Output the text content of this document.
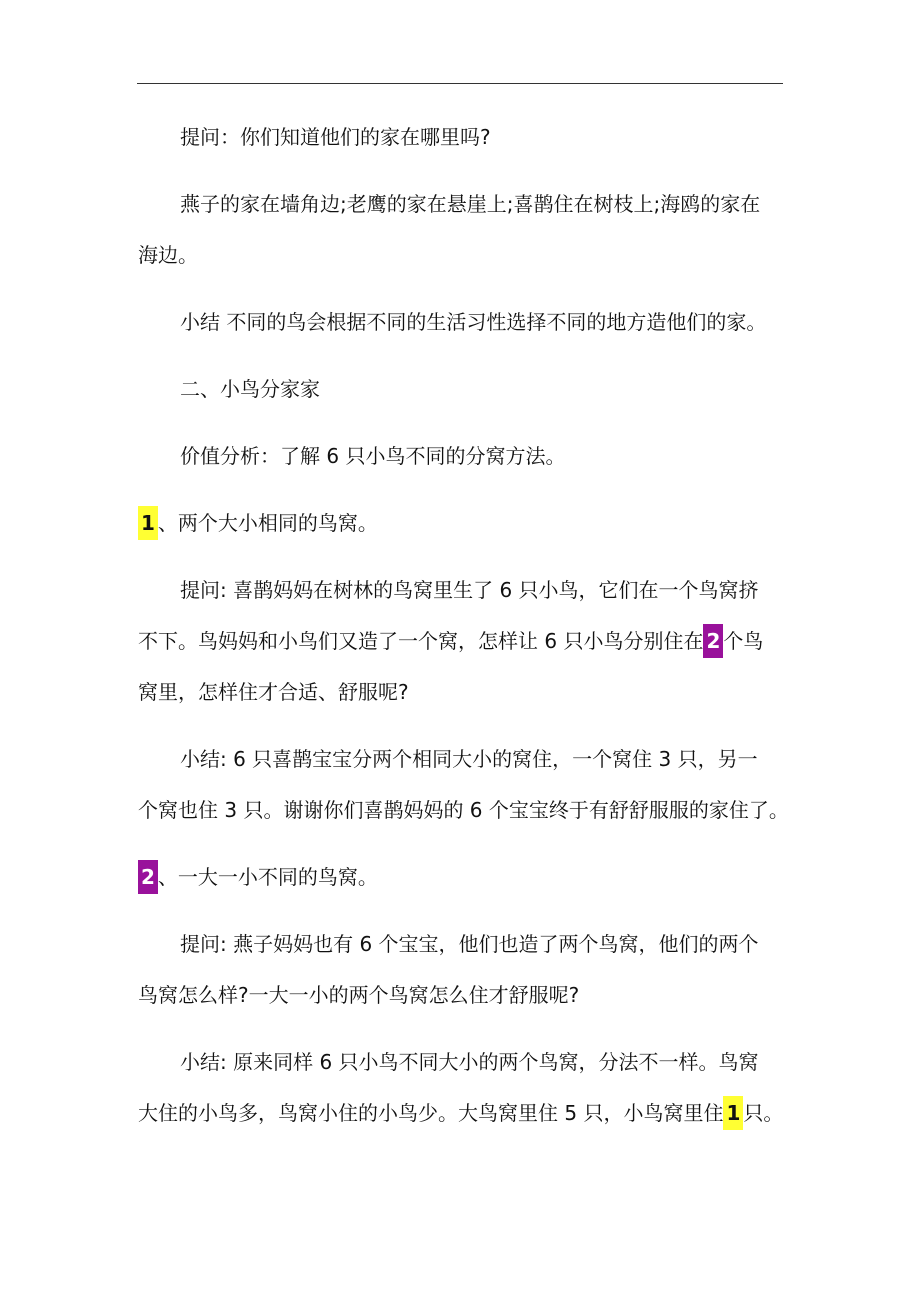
提问：你们知道他们的家在哪里吗?

燕子的家在墙角边;老鹰的家在悬崖上;喜鹊住在树枝上;海鸥的家在

海边。

小结 不同的鸟会根据不同的生活习性选择不同的地方造他们的家。

二、小鸟分家家

价值分析：了解 6 只小鸟不同的分窝方法。

1 、两个大小相同的鸟窝。

提问: 喜鹊妈妈在树林的鸟窝里生了 6 只小鸟，它们在一个鸟窝挤

不下。鸟妈妈和小鸟们又造了一个窝，怎样让 6 只小鸟分别住在 2 个鸟

窝里，怎样住才合适、舒服呢?

小结: 6 只喜鹊宝宝分两个相同大小的窝住，一个窝住 3 只，另一

个窝也住 3 只。谢谢你们喜鹊妈妈的 6 个宝宝终于有舒舒服服的家住了。

2 、一大一小不同的鸟窝。

提问: 燕子妈妈也有 6 个宝宝，他们也造了两个鸟窝，他们的两个

鸟窝怎么样?一大一小的两个鸟窝怎么住才舒服呢?

小结: 原来同样 6 只小鸟不同大小的两个鸟窝，分法不一样。鸟窝

大住的小鸟多，鸟窝小住的小鸟少。大鸟窝里住 5 只，小鸟窝里住 1 只。
